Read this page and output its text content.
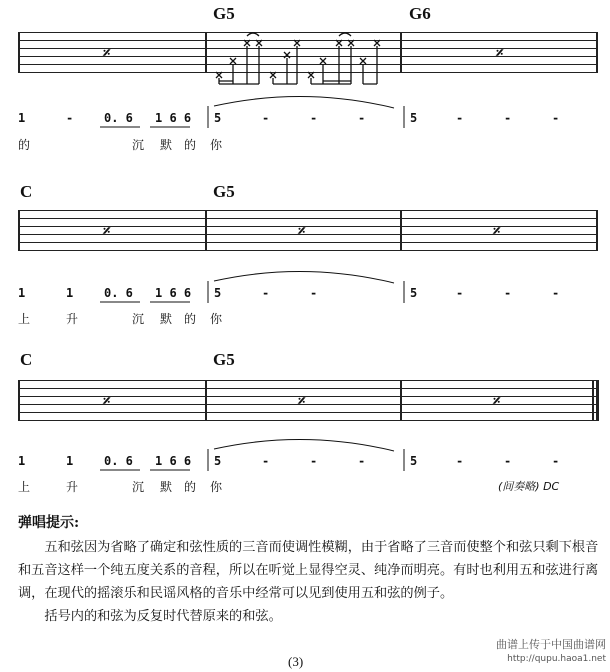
G5	G6
𝄎	𝄎
1	-	0. 6 1 6 6 5	-	-	-	5	-	-	-
的	沉 默 的 你
C	G5
𝄎	𝄎	𝄎
1	1	0. 6 1 6 6 5	-	-	5	-	-	-
上	升	沉 默 的 你
C	G5
𝄎	𝄎	𝄎
1	1	0. 6 1 6 6 5	-	-	-	5	-	-	-
上	升	沉 默 的 你	(间奏略) DC
弹唱提示:

五和弦因为省略了确定和弦性质的三音而使调性模糊，由于省略了三音而使整个和弦只剩下根音和五音这样一个纯五度关系的音程，所以在听觉上显得空灵、纯净而明亮。有时也利用五和弦进行离调，在现代的摇滚乐和民谣风格的音乐中经常可以见到使用五和弦的例子。

括号内的和弦为反复时代替原来的和弦。

(3)
曲谱上传于中国曲谱网
http://qupu.haoa1.net
